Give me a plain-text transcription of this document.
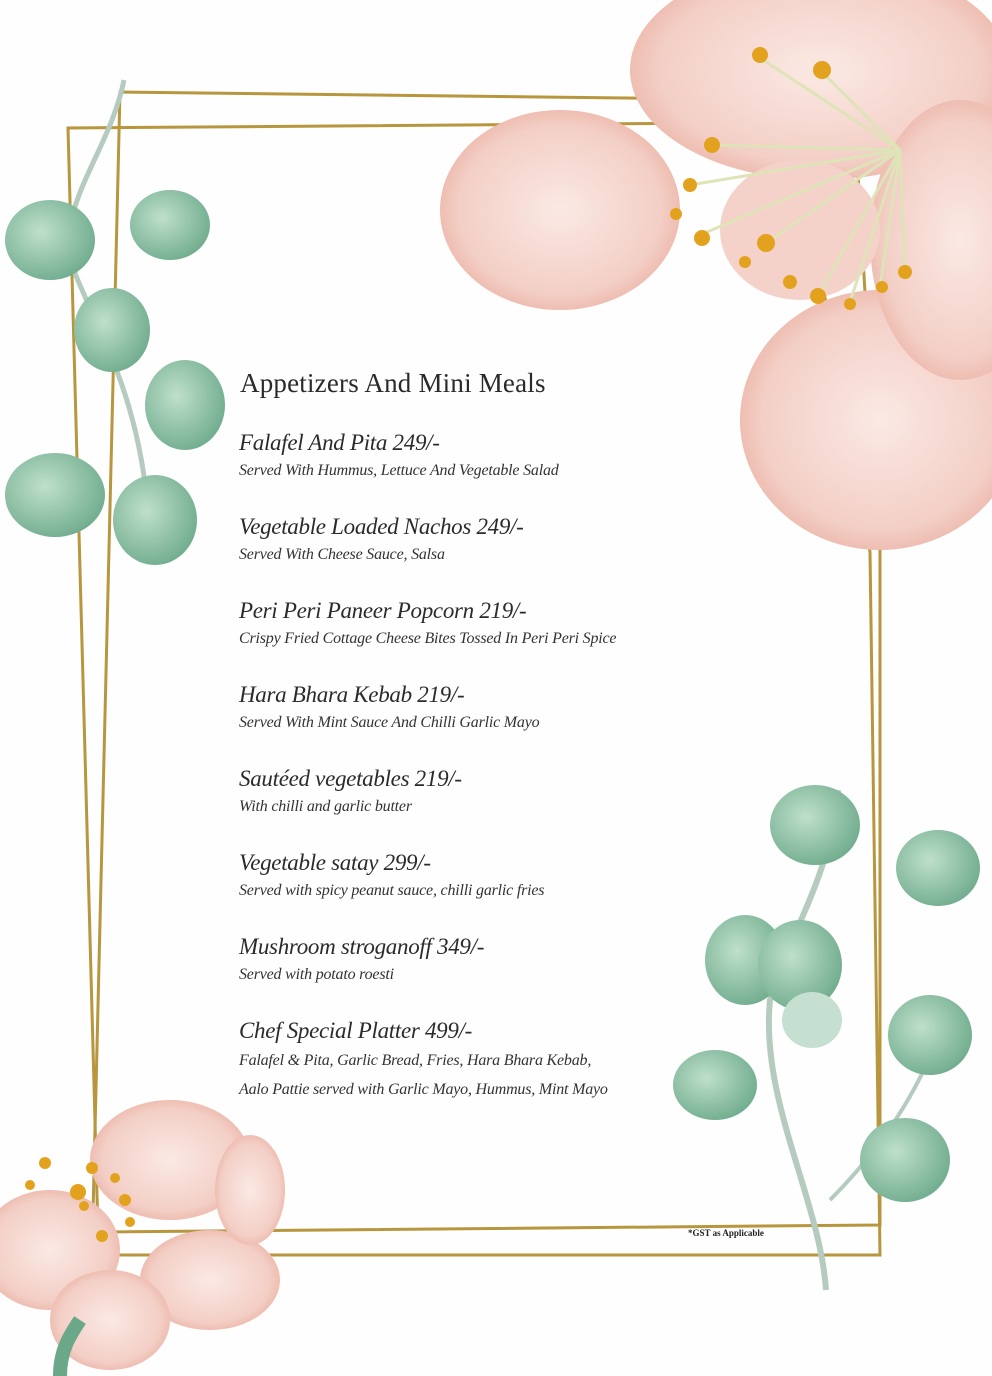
Appetizers And Mini Meals
Falafel And Pita 249/-
Served With Hummus, Lettuce And Vegetable Salad
Vegetable Loaded Nachos 249/-
Served With Cheese Sauce, Salsa
Peri Peri Paneer Popcorn 219/-
Crispy Fried Cottage Cheese Bites Tossed In Peri Peri Spice
Hara Bhara Kebab 219/-
Served With Mint Sauce And Chilli Garlic Mayo
Sautéed vegetables 219/-
With chilli and garlic butter
Vegetable satay 299/-
Served with spicy peanut sauce, chilli garlic fries
Mushroom stroganoff 349/-
Served with potato roesti
Chef Special Platter 499/-
Falafel & Pita, Garlic Bread, Fries, Hara Bhara Kebab,
Aalo Pattie served with Garlic Mayo, Hummus, Mint Mayo
*GST as Applicable
